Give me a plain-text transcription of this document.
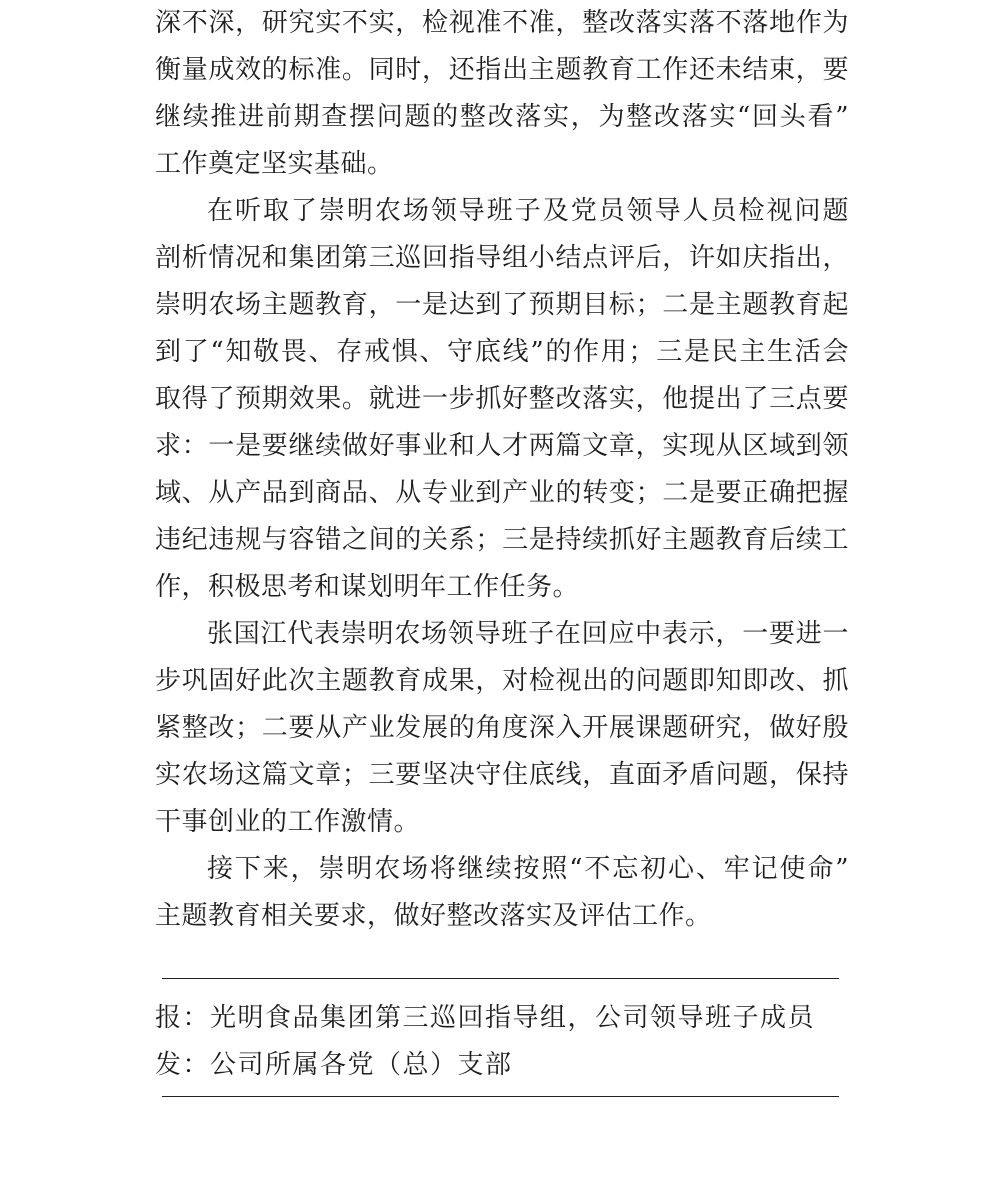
深不深，研究实不实，检视准不准，整改落实落不落地作为
衡量成效的标准。同时，还指出主题教育工作还未结束，要
继续推进前期查摆问题的整改落实，为整改落实“回头看”
工作奠定坚实基础。
在听取了崇明农场领导班子及党员领导人员检视问题
剖析情况和集团第三巡回指导组小结点评后，许如庆指出，
崇明农场主题教育，一是达到了预期目标；二是主题教育起
到了“知敬畏、存戒惧、守底线”的作用；三是民主生活会
取得了预期效果。就进一步抓好整改落实，他提出了三点要
求：一是要继续做好事业和人才两篇文章，实现从区域到领
域、从产品到商品、从专业到产业的转变；二是要正确把握
违纪违规与容错之间的关系；三是持续抓好主题教育后续工
作，积极思考和谋划明年工作任务。
张国江代表崇明农场领导班子在回应中表示，一要进一
步巩固好此次主题教育成果，对检视出的问题即知即改、抓
紧整改；二要从产业发展的角度深入开展课题研究，做好殷
实农场这篇文章；三要坚决守住底线，直面矛盾问题，保持
干事创业的工作激情。
接下来，崇明农场将继续按照“不忘初心、牢记使命”
主题教育相关要求，做好整改落实及评估工作。
报：光明食品集团第三巡回指导组，公司领导班子成员
发：公司所属各党（总）支部
